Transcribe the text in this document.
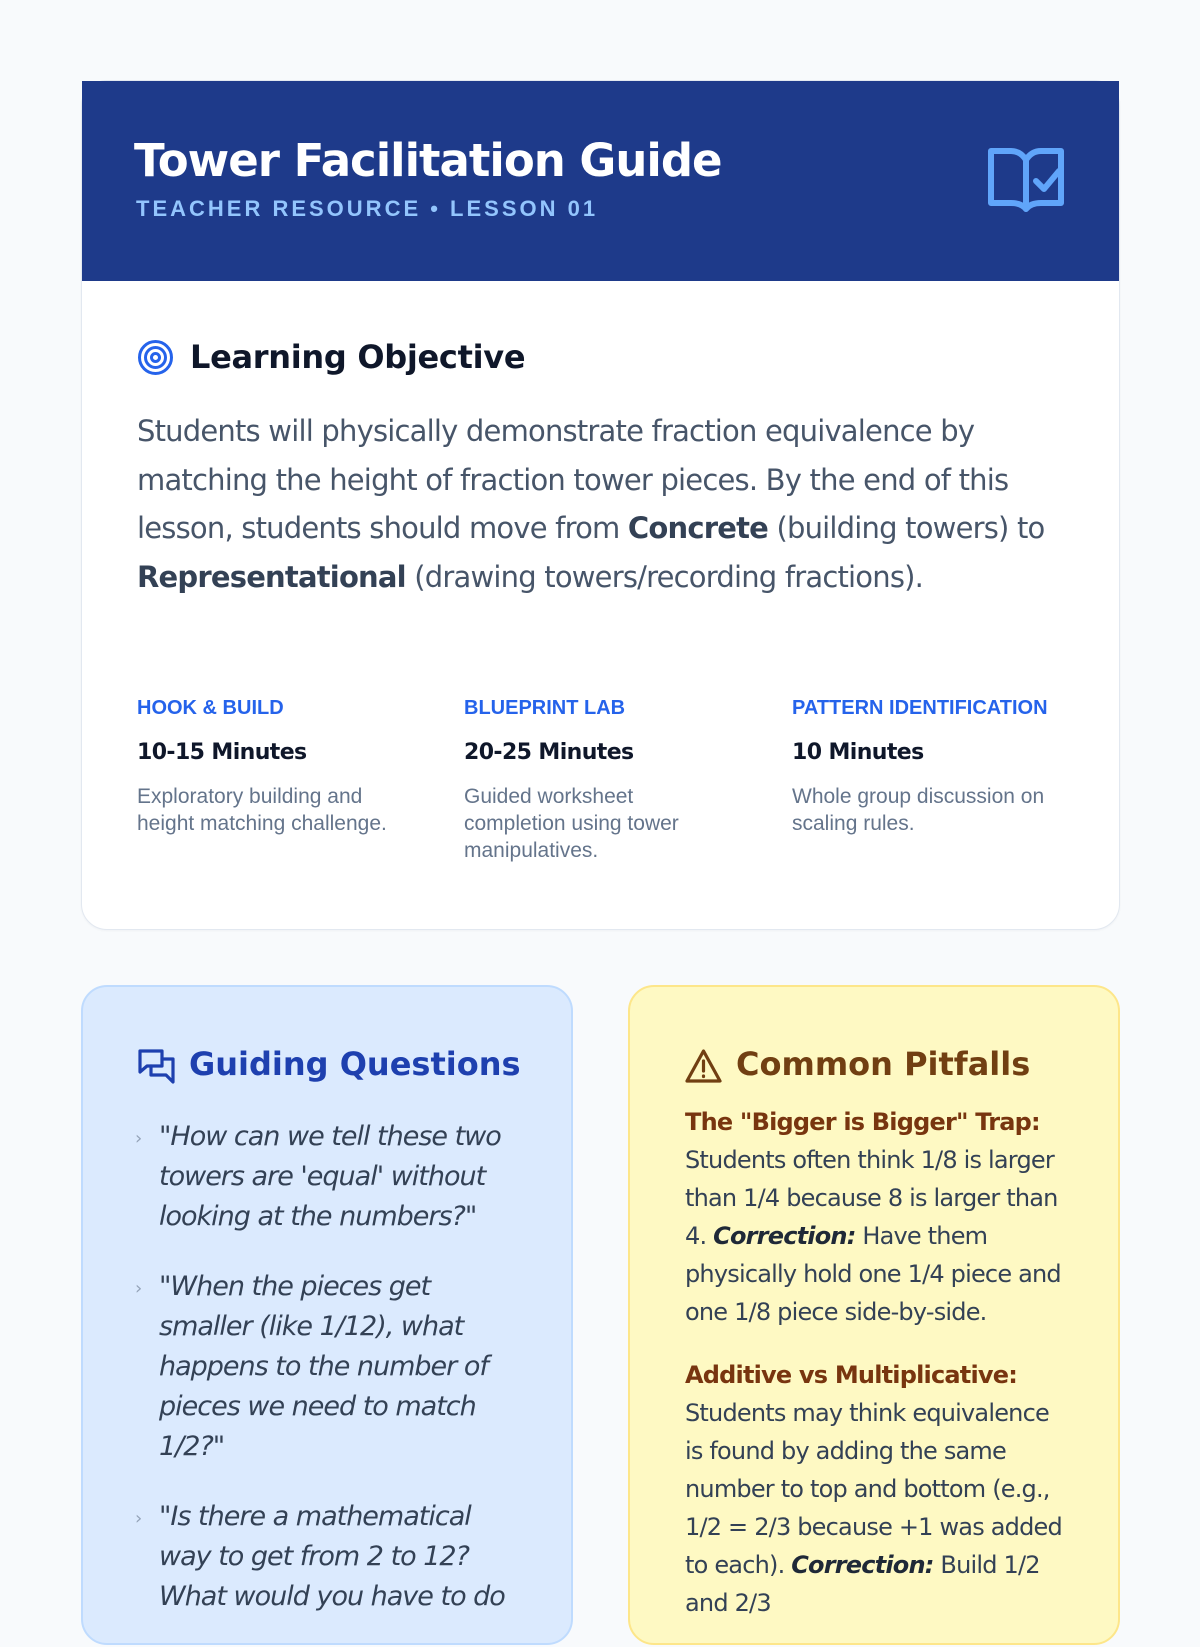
Tower Facilitation Guide
TEACHER RESOURCE • LESSON 01
Learning Objective

Students will physically demonstrate fraction equivalence by matching the height of fraction tower pieces. By the end of this lesson, students should move from Concrete (building towers) to Representational (drawing towers/recording fractions).

HOOK & BUILD
10-15 Minutes
Exploratory building and height matching challenge.
BLUEPRINT LAB
20-25 Minutes
Guided worksheet completion using tower manipulatives.
PATTERN IDENTIFICATION
10 Minutes
Whole group discussion on scaling rules.
Guiding Questions
› "How can we tell these two towers are 'equal' without looking at the numbers?"
› "When the pieces get smaller (like 1/12), what happens to the number of pieces we need to match 1/2?"
› "Is there a mathematical way to get from 2 to 12? What would you have to do
Common Pitfalls
The "Bigger is Bigger" Trap:
Students often think 1/8 is larger than 1/4 because 8 is larger than 4. Correction: Have them physically hold one 1/4 piece and one 1/8 piece side-by-side.
Additive vs Multiplicative:
Students may think equivalence is found by adding the same number to top and bottom (e.g., 1/2 = 2/3 because +1 was added to each). Correction: Build 1/2 and 2/3
